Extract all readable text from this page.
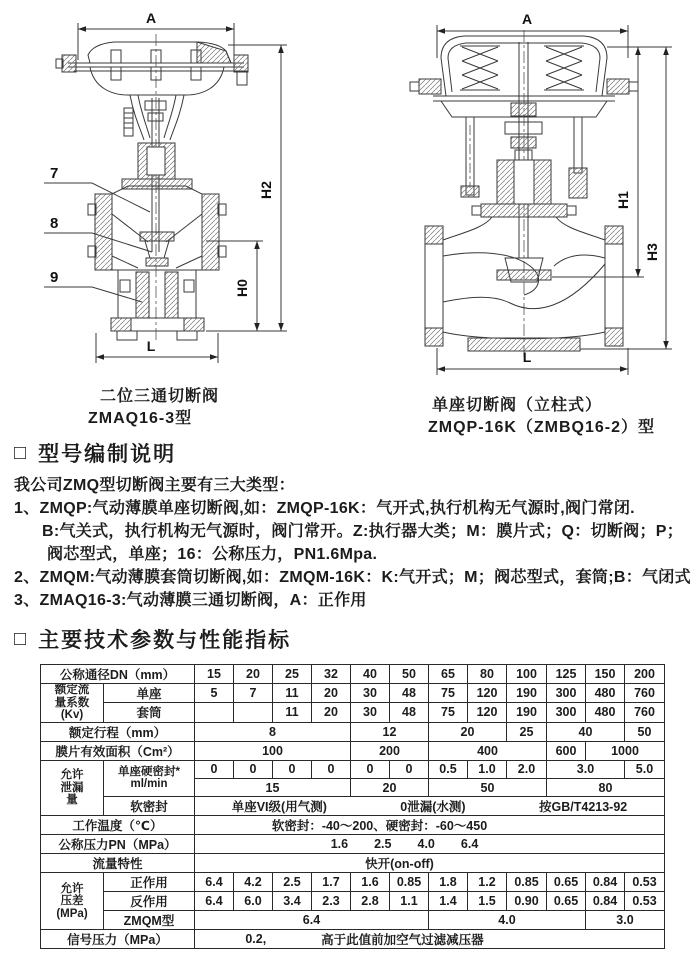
A
H2
H0
L
7
8
9
A
H1
H3
L
二位三通切断阀
ZMAQ16-3型
单座切断阀（立柱式）
ZMQP-16K（ZMBQ16-2）型
□ 型号编制说明
我公司ZMQ型切断阀主要有三大类型：
1、ZMQP:气动薄膜单座切断阀,如：ZMQP-16K：气开式,执行机构无气源时,阀门常闭.
B:气关式，执行机构无气源时，阀门常开。Z:执行器大类；M：膜片式；Q：切断阀；P；
阀芯型式，单座；16：公称压力，PN1.6Mpa.
2、ZMQM:气动薄膜套筒切断阀,如：ZMQM-16K：K:气开式；M；阀芯型式，套筒;B：气闭式
3、ZMAQ16-3:气动薄膜三通切断阀，A：正作用
□ 主要技术参数与性能指标
公称通径DN（mm）		15	20	25	32	40	50	65	80	100	125	150	200

额定流
量系数
(Kv)	单座	5	7	11	20	30	48	75	120	190	300	480	760
	套筒			11	20	30	48	75	120	190	300	480	760
额定行程（mm）		8				12		20		25	40		50
膜片有效面积（Cm²）		100				200		400			600	1000	

允许
泄漏
量

单座硬密封*
ml/min
	0	0	0	0	0	0	0.5	1.0	2.0	3.0	5.0
		15				20		50			80		
	软密封	单座VI级(用气测) 0泄漏(水测) 按GB/T4213-92											

工作温度（℃）		软密封：-40～200、硬密封：-60～450											

公称压力PN（MPa）		1.6 2.5 4.0 6.4											

流量特性		快开(on-off)											

允许
压差
(MPa)	正作用	6.4	4.2	2.5	1.7	1.6	0.85	1.8	1.2	0.85	0.65	0.84	0.53
	反作用	6.4	6.0	3.4	2.3	2.8	1.1	1.4	1.5	0.90	0.65	0.84	0.53
	ZMQM型	6.4						4.0				3.0	
信号压力（MPa）		0.2, 高于此值前加空气过滤减压器											
